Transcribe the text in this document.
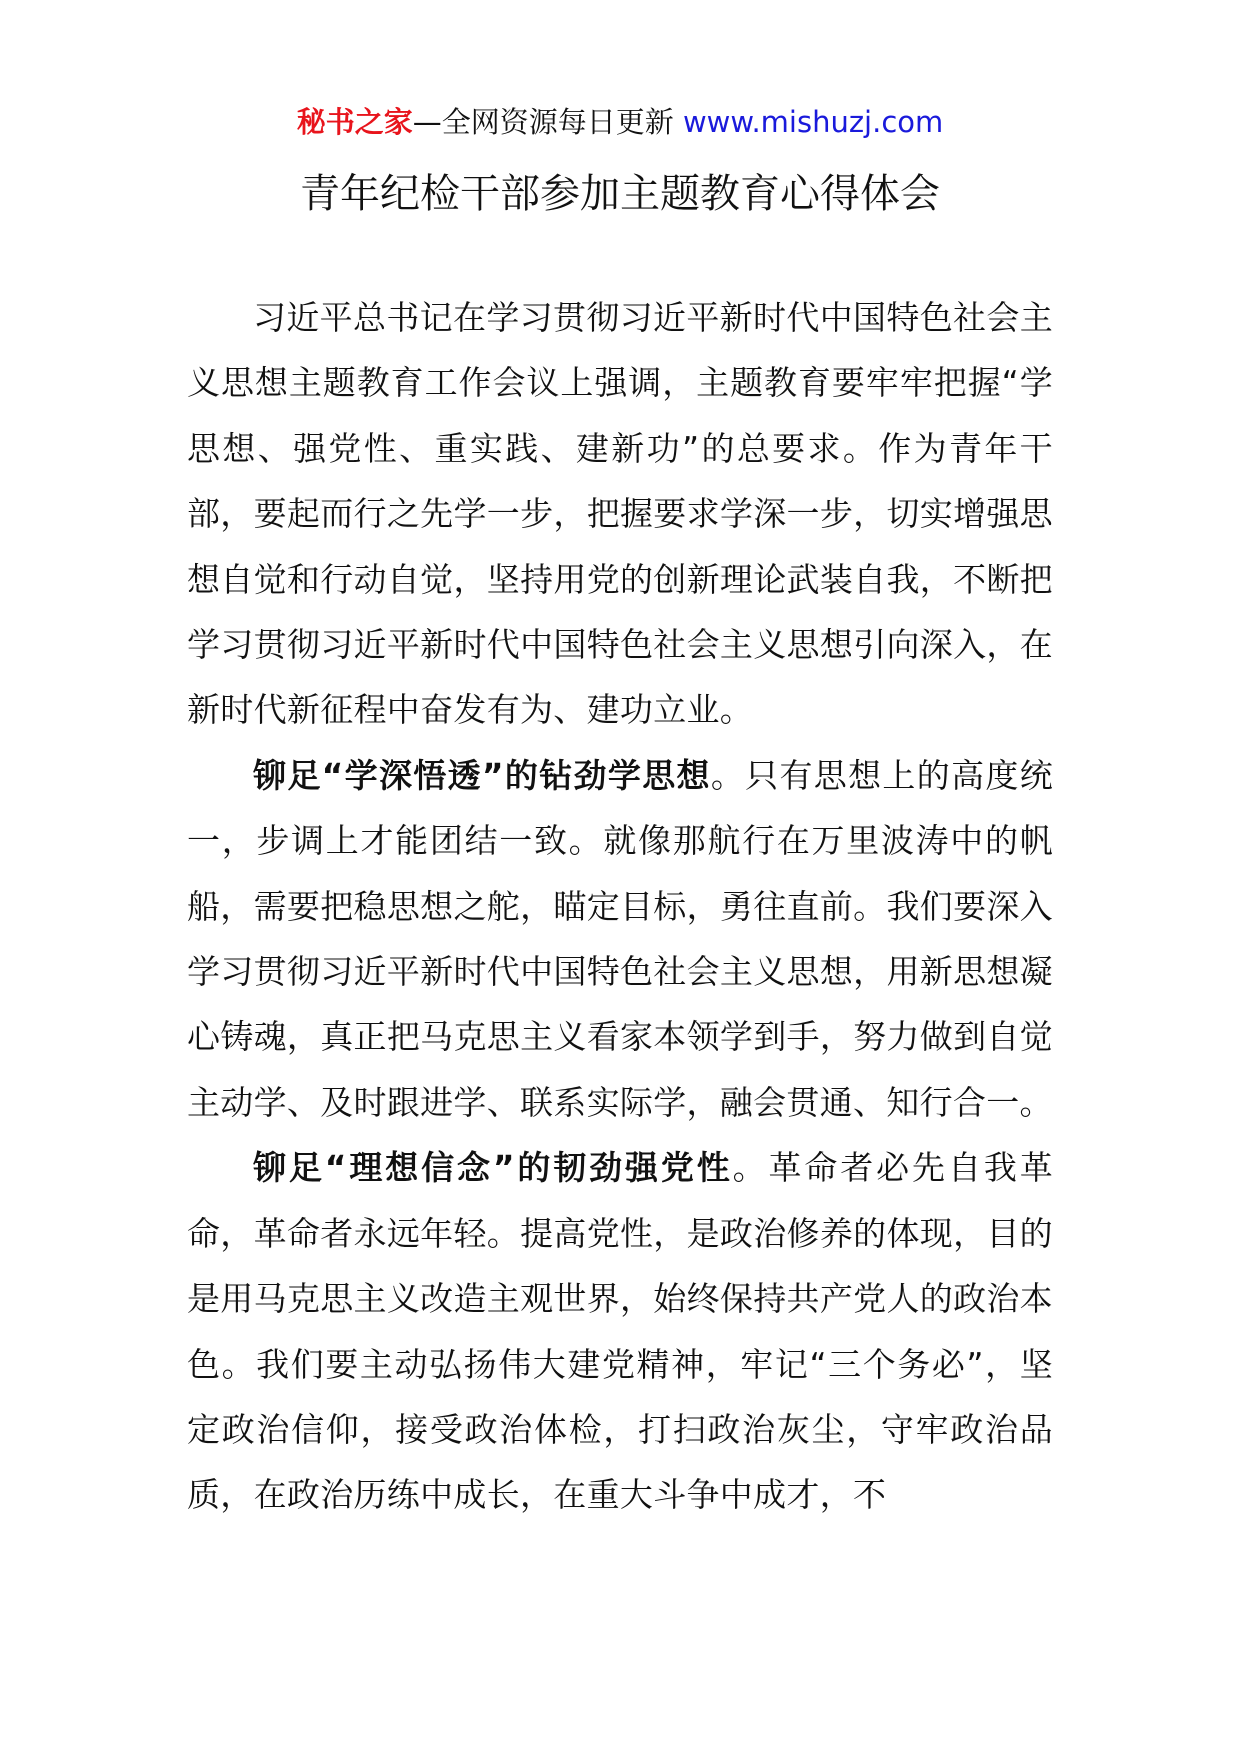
秘书之家—全网资源每日更新 www.mishuzj.com
青年纪检干部参加主题教育心得体会

习近平总书记在学习贯彻习近平新时代中国特色社会主义思想主题教育工作会议上强调，主题教育要牢牢把握“学思想、强党性、重实践、建新功”的总要求。作为青年干部，要起而行之先学一步，把握要求学深一步，切实增强思想自觉和行动自觉，坚持用党的创新理论武装自我，不断把学习贯彻习近平新时代中国特色社会主义思想引向深入，在新时代新征程中奋发有为、建功立业。

铆足“学深悟透”的钻劲学思想。只有思想上的高度统一，步调上才能团结一致。就像那航行在万里波涛中的帆船，需要把稳思想之舵，瞄定目标，勇往直前。我们要深入学习贯彻习近平新时代中国特色社会主义思想，用新思想凝心铸魂，真正把马克思主义看家本领学到手，努力做到自觉主动学、及时跟进学、联系实际学，融会贯通、知行合一。

铆足“理想信念”的韧劲强党性。革命者必先自我革命，革命者永远年轻。提高党性，是政治修养的体现，目的是用马克思主义改造主观世界，始终保持共产党人的政治本色。我们要主动弘扬伟大建党精神，牢记“三个务必”，坚定政治信仰，接受政治体检，打扫政治灰尘，守牢政治品质，在政治历练中成长，在重大斗争中成才，不
